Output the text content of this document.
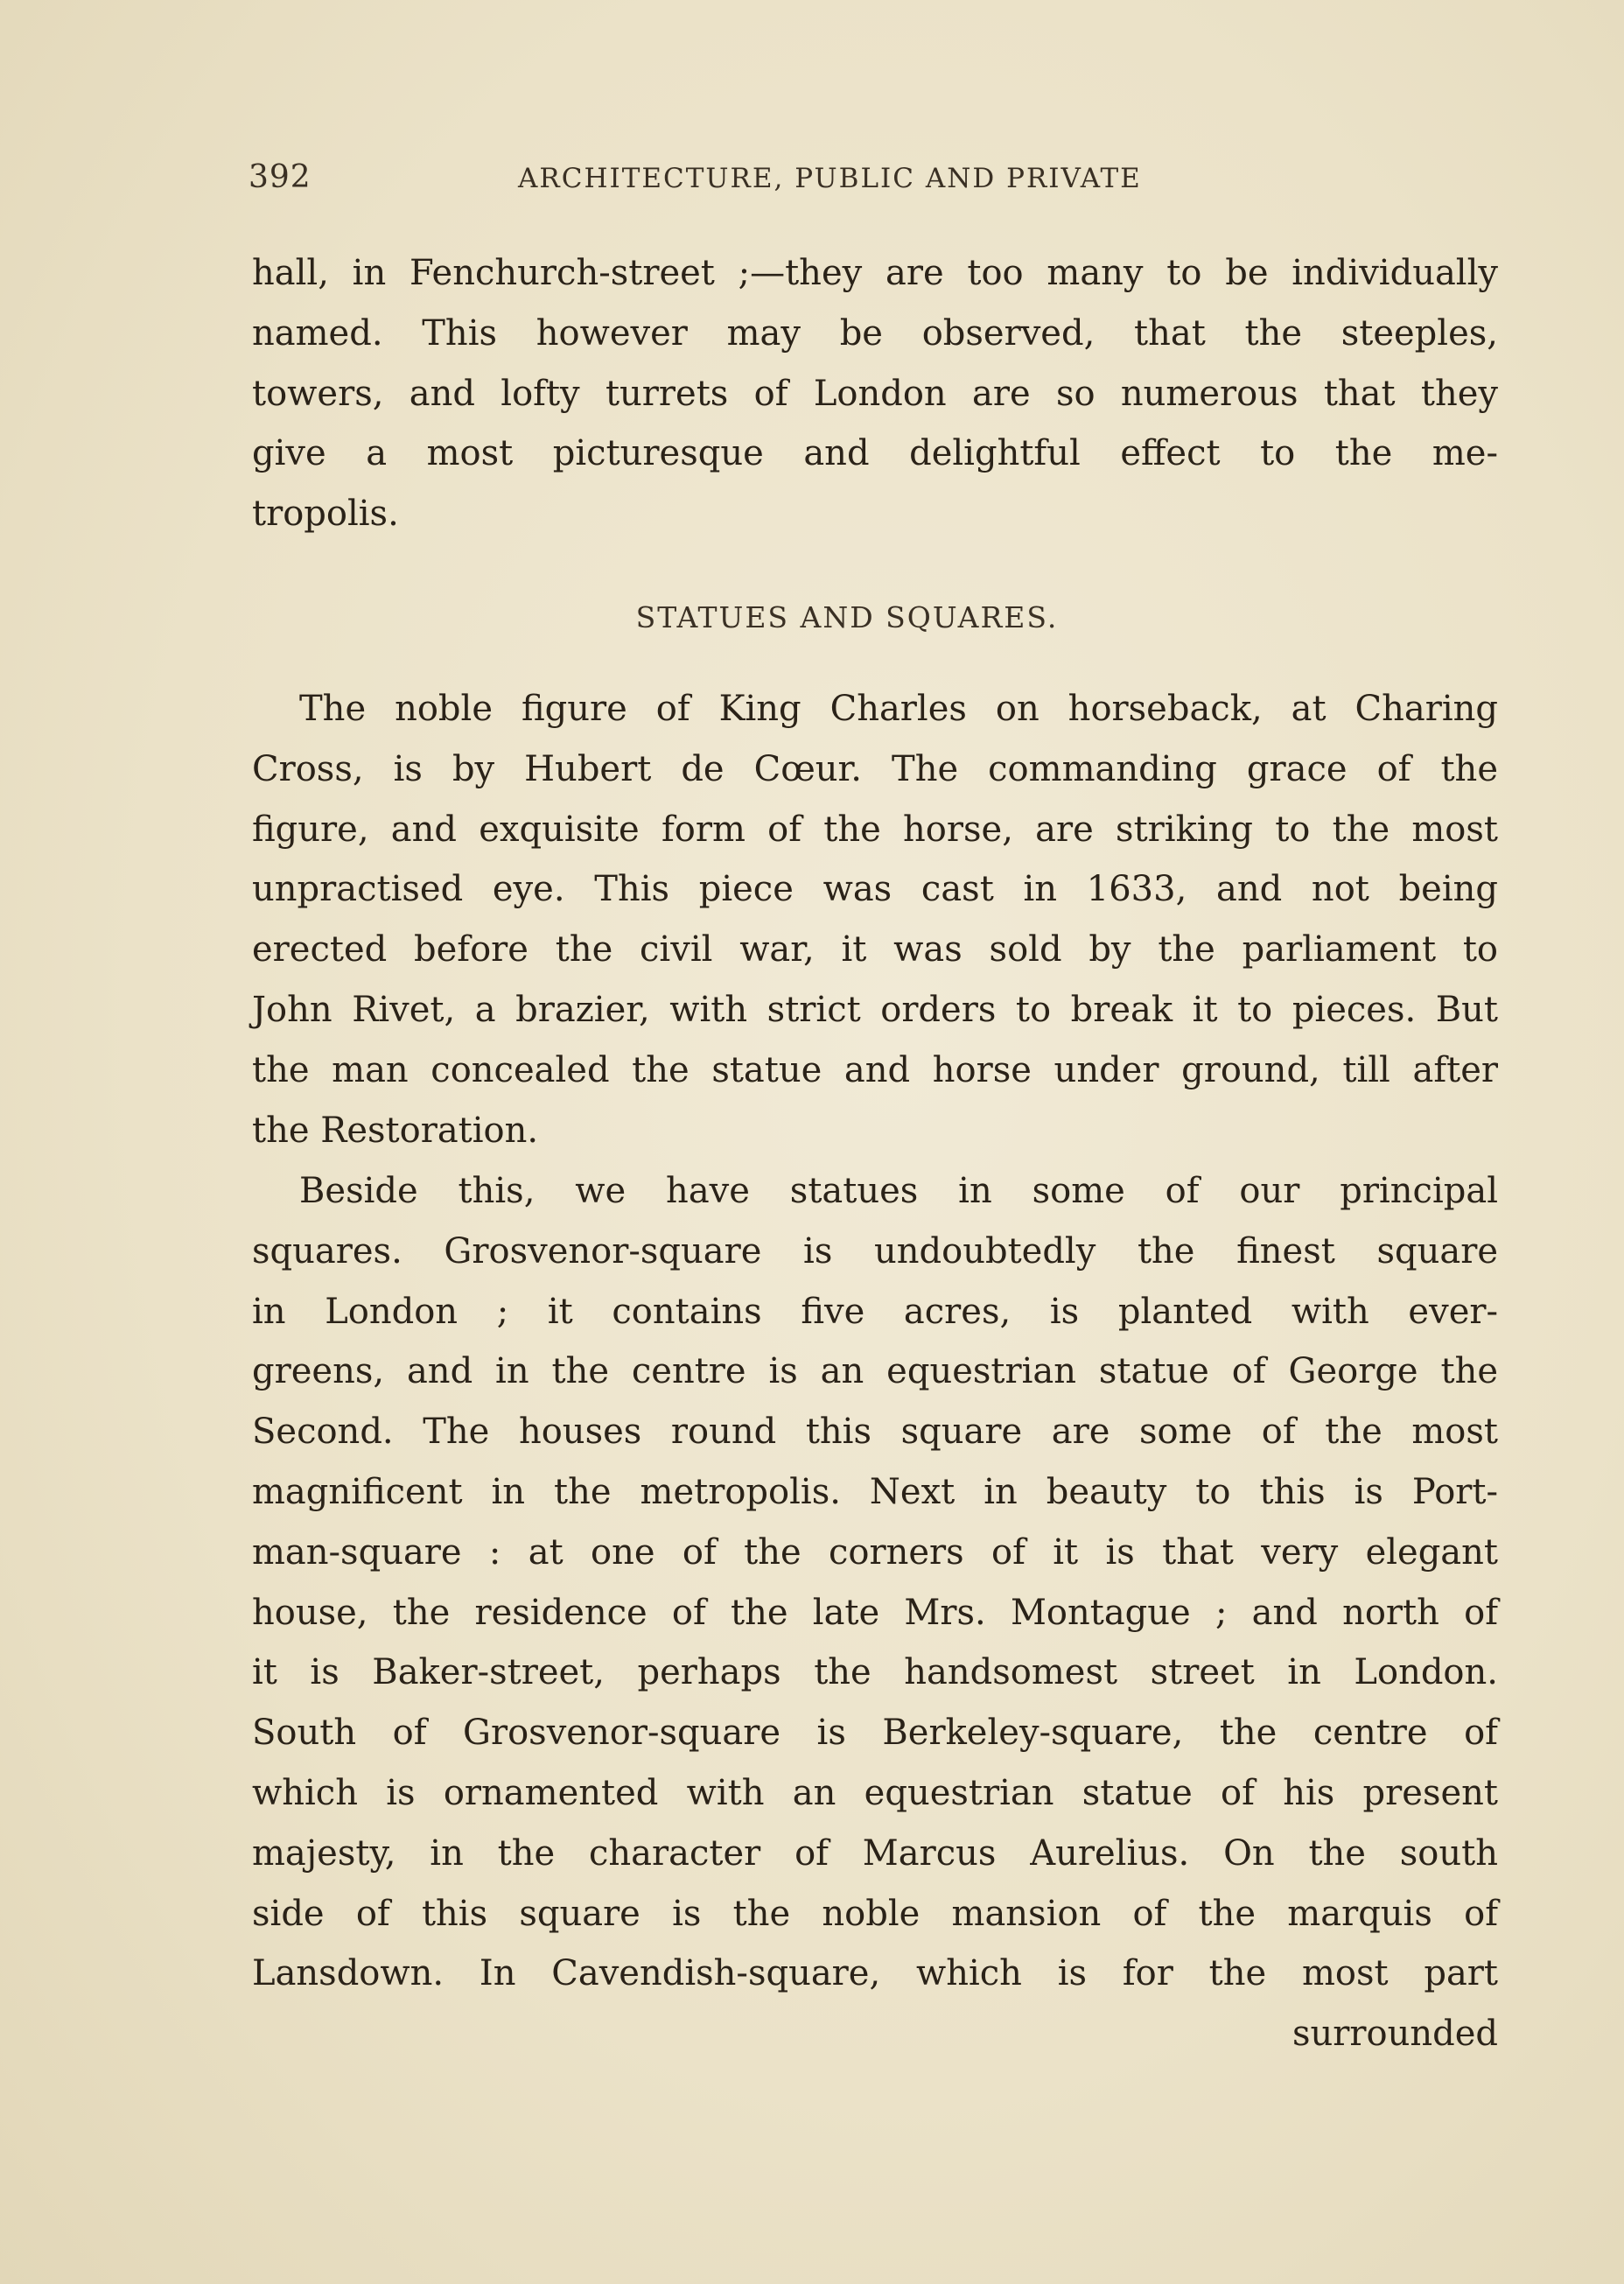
392	ARCHITECTURE, PUBLIC AND PRIVATE
hall, in Fenchurch-street ;—they are too many to be individually
named. This however may be observed, that the steeples,
towers, and lofty turrets of London are so numerous that they
give a most picturesque and delightful effect to the me-
tropolis.
STATUES AND SQUARES.
The noble figure of King Charles on horseback, at Charing
Cross, is by Hubert de Cœur. The commanding grace of the
figure, and exquisite form of the horse, are striking to the most
unpractised eye. This piece was cast in 1633, and not being
erected before the civil war, it was sold by the parliament to
John Rivet, a brazier, with strict orders to break it to pieces. But
the man concealed the statue and horse under ground, till after
the Restoration.
Beside this, we have statues in some of our principal
squares. Grosvenor-square is undoubtedly the finest square
in London ; it contains five acres, is planted with ever-
greens, and in the centre is an equestrian statue of George the
Second. The houses round this square are some of the most
magnificent in the metropolis. Next in beauty to this is Port-
man-square : at one of the corners of it is that very elegant
house, the residence of the late Mrs. Montague ; and north of
it is Baker-street, perhaps the handsomest street in London.
South of Grosvenor-square is Berkeley-square, the centre of
which is ornamented with an equestrian statue of his present
majesty, in the character of Marcus Aurelius. On the south
side of this square is the noble mansion of the marquis of
Lansdown. In Cavendish-square, which is for the most part
surrounded
